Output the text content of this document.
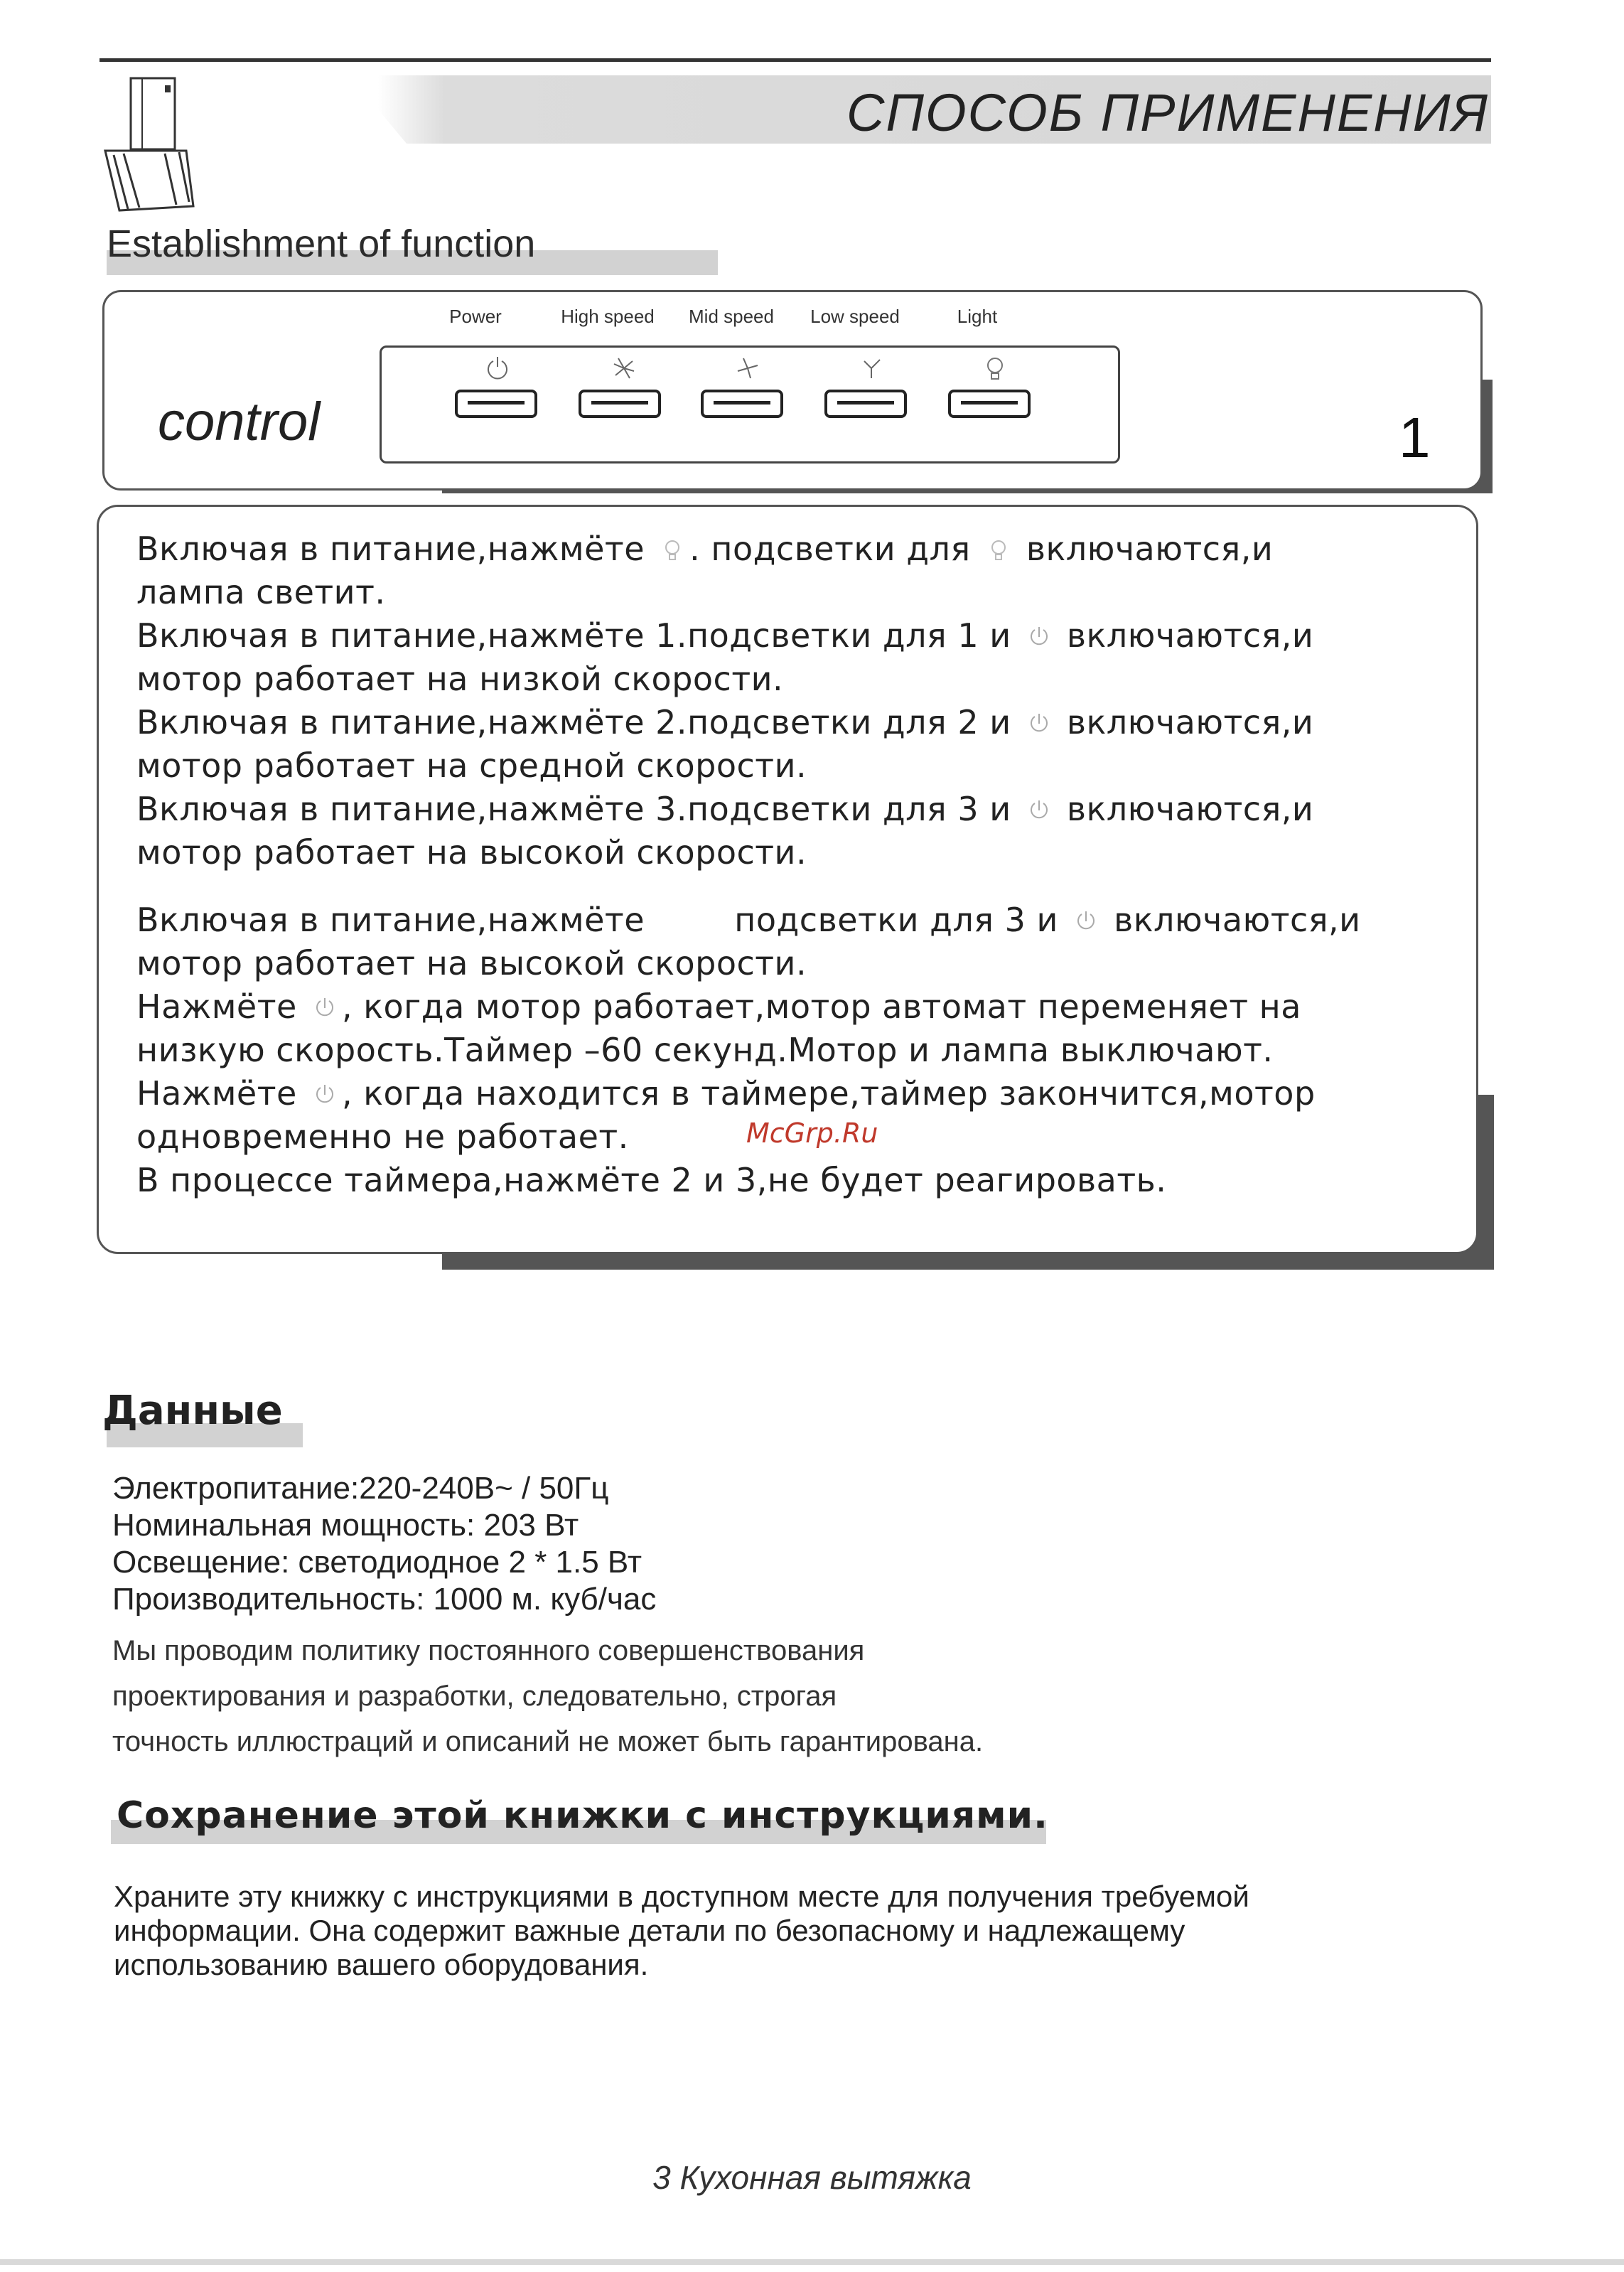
СПОСОБ ПРИМЕНЕНИЯ
Establishment of function
control	1
Power	High speed	Mid speed	Low speed	Light
Включая в питание,нажмёте . подсветки для включаются,и
лампа светит.
Включая в питание,нажмёте 1.подсветки для 1 и включаются,и
мотор работает на низкой скорости.
Включая в питание,нажмёте 2.подсветки для 2 и включаются,и
мотор работает на средной скорости.
Включая в питание,нажмёте 3.подсветки для 3 и включаются,и
мотор работает на высокой скорости.
Включая в питание,нажмёте	подсветки для 3 и включаются,и
мотор работает на высокой скорости.
Нажмёте , когда мотор работает,мотор автомат переменяет на
низкую скорость.Таймер –60 секунд.Мотор и лампа выключают.
Нажмёте , когда находится в таймере,таймер закончится,мотор
одновременно не работает.
В процессе таймера,нажмёте 2 и 3,не будет реагировать.
McGrp.Ru
Данные
Электропитание:220-240В~ / 50Гц
Номинальная мощность: 203 Вт
Освещение: светодиодное 2 * 1.5 Вт
Производительность: 1000 м. куб/час
Мы проводим политику постоянного совершенствования
проектирования и разработки, следовательно, строгая
точность иллюстраций и описаний не может быть гарантирована.
Сохранение этой книжки с инструкциями.
Храните эту книжку с инструкциями в доступном месте для получения требуемой
информации. Она содержит важные детали по безопасному и надлежащему
использованию вашего оборудования.
3 Кухонная вытяжка
